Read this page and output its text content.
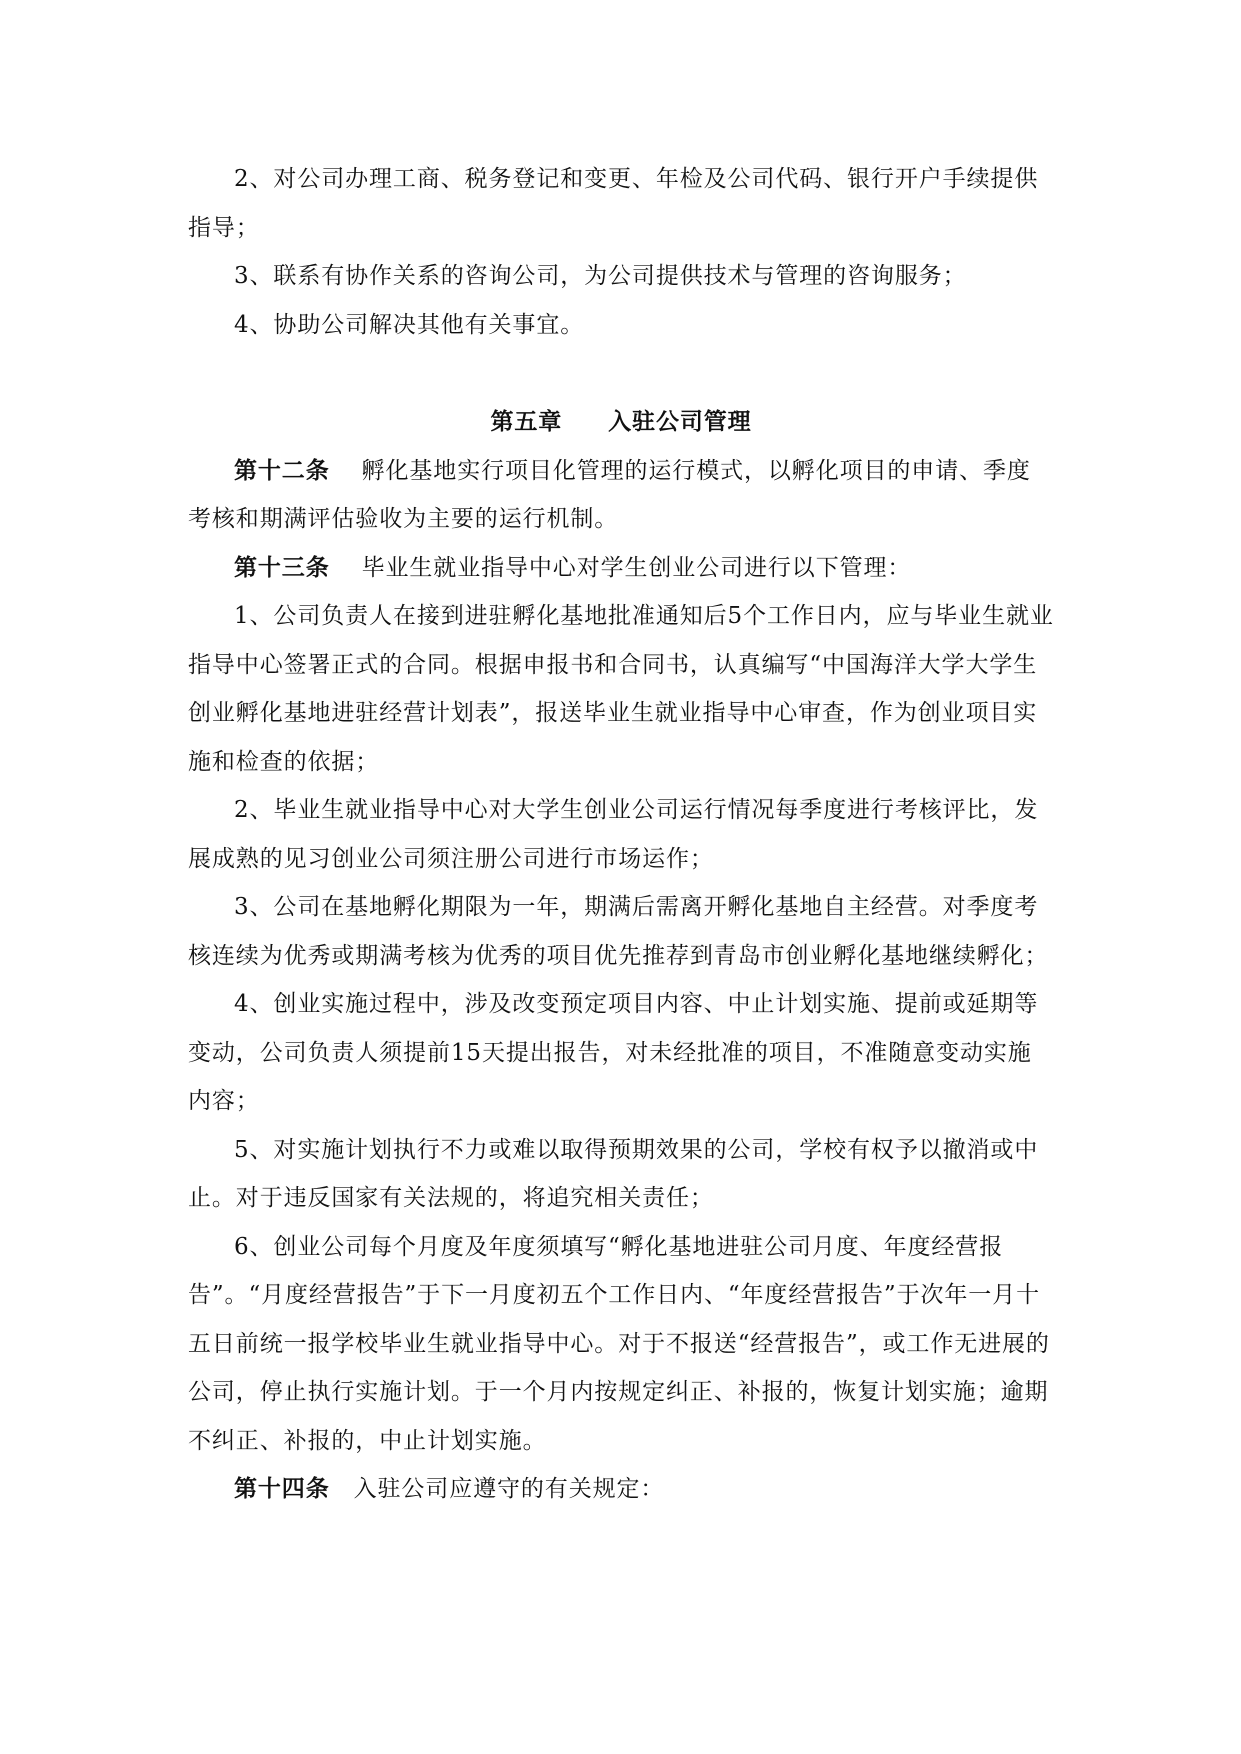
2、对公司办理工商、税务登记和变更、年检及公司代码、银行开户手续提供指导；

3、联系有协作关系的咨询公司，为公司提供技术与管理的咨询服务；

4、协助公司解决其他有关事宜。

第五章 入驻公司管理

第十二条 孵化基地实行项目化管理的运行模式，以孵化项目的申请、季度考核和期满评估验收为主要的运行机制。

第十三条 毕业生就业指导中心对学生创业公司进行以下管理：

1、公司负责人在接到进驻孵化基地批准通知后5个工作日内，应与毕业生就业指导中心签署正式的合同。根据申报书和合同书，认真编写“中国海洋大学大学生创业孵化基地进驻经营计划表”，报送毕业生就业指导中心审查，作为创业项目实施和检查的依据；

2、毕业生就业指导中心对大学生创业公司运行情况每季度进行考核评比，发展成熟的见习创业公司须注册公司进行市场运作；

3、公司在基地孵化期限为一年，期满后需离开孵化基地自主经营。对季度考核连续为优秀或期满考核为优秀的项目优先推荐到青岛市创业孵化基地继续孵化；

4、创业实施过程中，涉及改变预定项目内容、中止计划实施、提前或延期等变动，公司负责人须提前15天提出报告，对未经批准的项目，不准随意变动实施内容；

5、对实施计划执行不力或难以取得预期效果的公司，学校有权予以撤消或中止。对于违反国家有关法规的，将追究相关责任；

6、创业公司每个月度及年度须填写“孵化基地进驻公司月度、年度经营报告”。“月度经营报告”于下一月度初五个工作日内、“年度经营报告”于次年一月十五日前统一报学校毕业生就业指导中心。对于不报送“经营报告”，或工作无进展的公司，停止执行实施计划。于一个月内按规定纠正、补报的，恢复计划实施；逾期不纠正、补报的，中止计划实施。

第十四条 入驻公司应遵守的有关规定：
